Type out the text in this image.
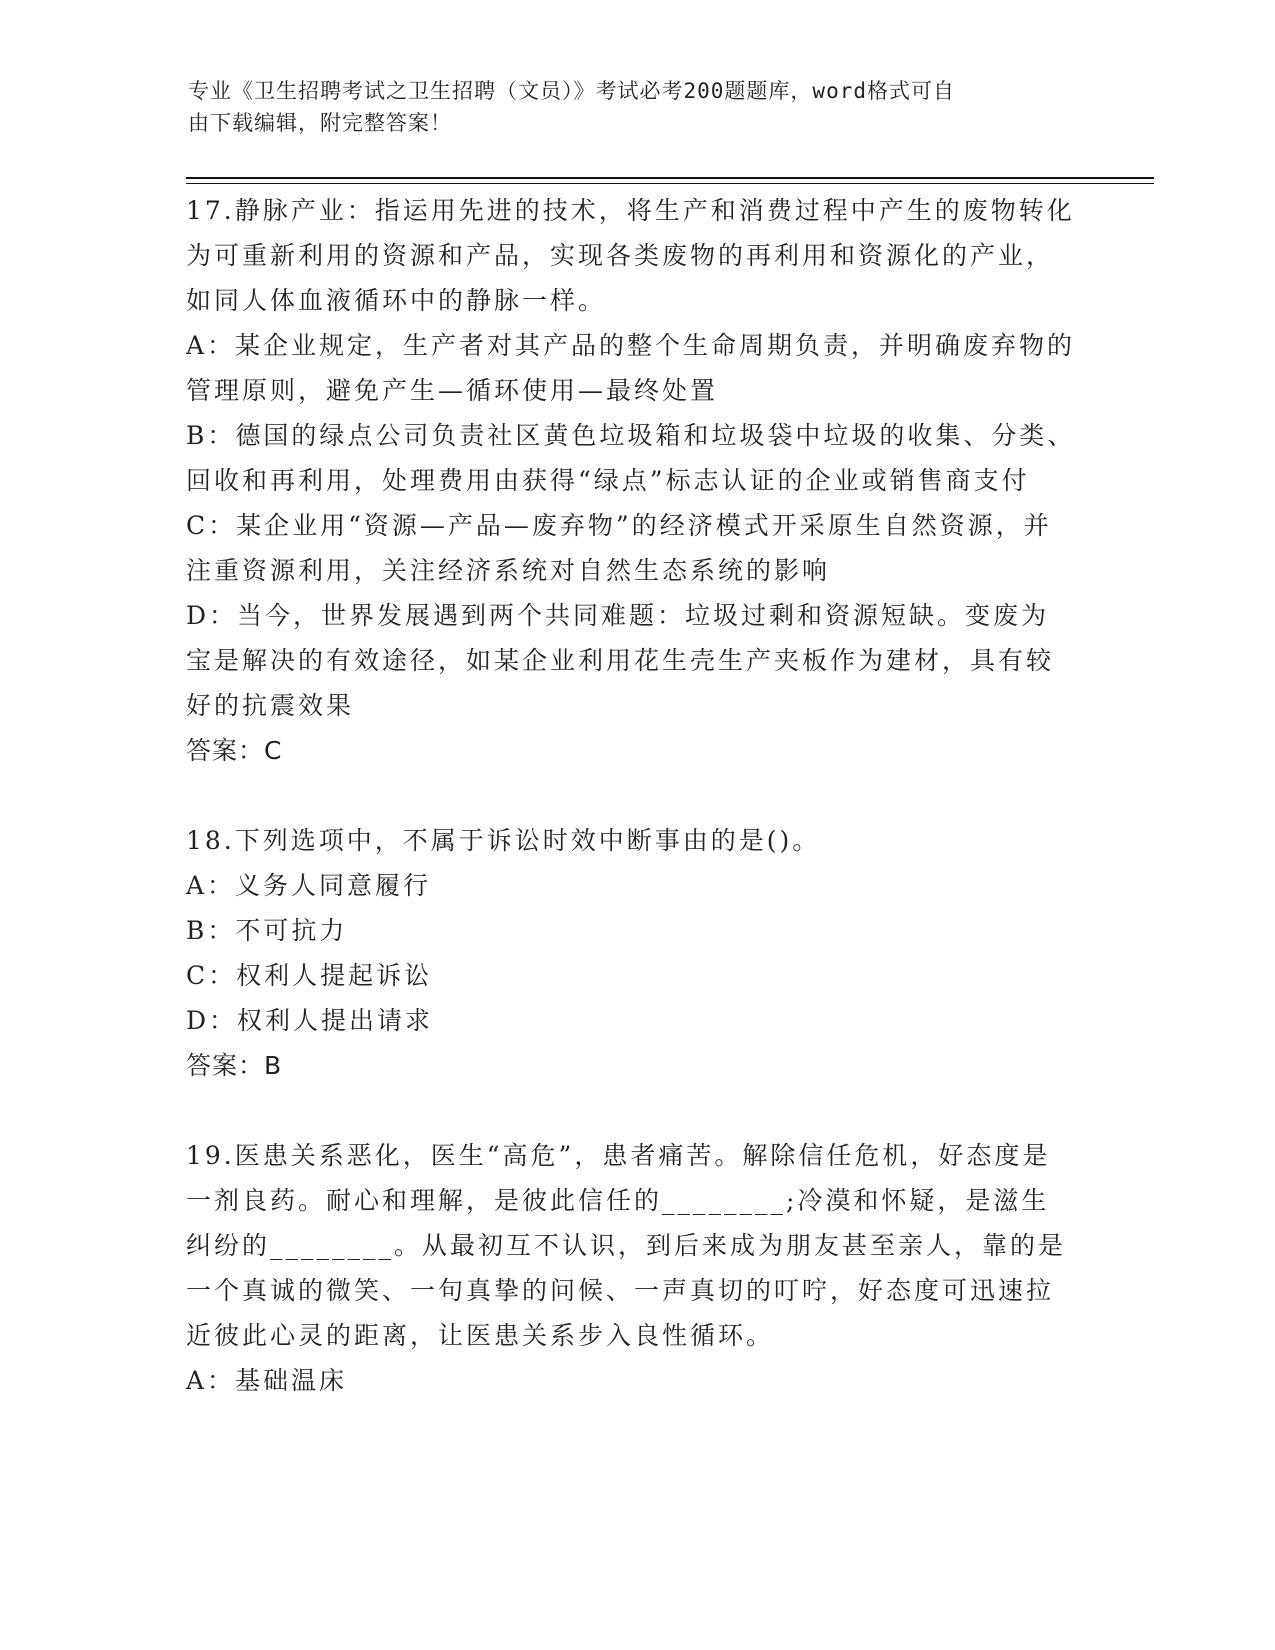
专业《卫生招聘考试之卫生招聘（文员）》考试必考200题题库，word格式可自
由下载编辑，附完整答案！

17.静脉产业：指运用先进的技术，将生产和消费过程中产生的废物转化为可重新利用的资源和产品，实现各类废物的再利用和资源化的产业，如同人体血液循环中的静脉一样。

A：某企业规定，生产者对其产品的整个生命周期负责，并明确废弃物的管理原则，避免产生—循环使用—最终处置

B：德国的绿点公司负责社区黄色垃圾箱和垃圾袋中垃圾的收集、分类、回收和再利用，处理费用由获得“绿点”标志认证的企业或销售商支付

C：某企业用“资源—产品—废弃物”的经济模式开采原生自然资源，并注重资源利用，关注经济系统对自然生态系统的影响

D：当今，世界发展遇到两个共同难题：垃圾过剩和资源短缺。变废为宝是解决的有效途径，如某企业利用花生壳生产夹板作为建材，具有较好的抗震效果

答案：C

18.下列选项中，不属于诉讼时效中断事由的是()。

A：义务人同意履行

B：不可抗力

C：权利人提起诉讼

D：权利人提出请求

答案：B

19.医患关系恶化，医生“高危”，患者痛苦。解除信任危机，好态度是一剂良药。耐心和理解，是彼此信任的________;冷漠和怀疑，是滋生纠纷的________。从最初互不认识，到后来成为朋友甚至亲人，靠的是一个真诚的微笑、一句真挚的问候、一声真切的叮咛，好态度可迅速拉近彼此心灵的距离，让医患关系步入良性循环。

A：基础温床
